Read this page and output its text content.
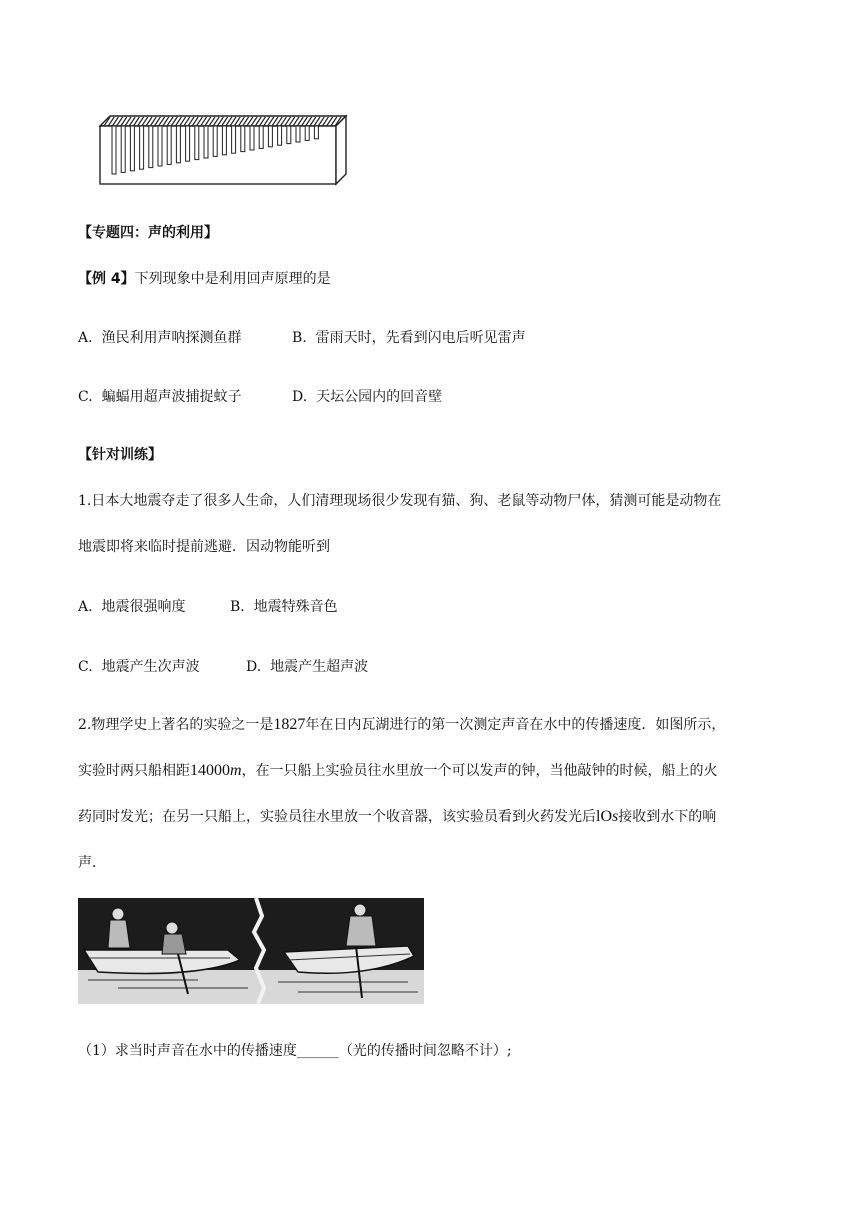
【专题四：声的利用】
【例 4】下列现象中是利用回声原理的是
A. 渔民利用声呐探测鱼群	B. 雷雨天时，先看到闪电后听见雷声
C. 蝙蝠用超声波捕捉蚊子	D. 天坛公园内的回音壁
【针对训练】
1.日本大地震夺走了很多人生命，人们清理现场很少发现有猫、狗、老鼠等动物尸体，猜测可能是动物在
地震即将来临时提前逃避．因动物能听到
A. 地震很强响度	B. 地震特殊音色
C. 地震产生次声波	D. 地震产生超声波
2.物理学史上著名的实验之一是1827年在日内瓦湖进行的第一次测定声音在水中的传播速度．如图所示，
实验时两只船相距14000m，在一只船上实验员往水里放一个可以发声的钟，当他敲钟的时候，船上的火
药同时发光；在另一只船上，实验员往水里放一个收音器，该实验员看到火药发光后lOs接收到水下的响
声．
（1）求当时声音在水中的传播速度______（光的传播时间忽略不计）;
